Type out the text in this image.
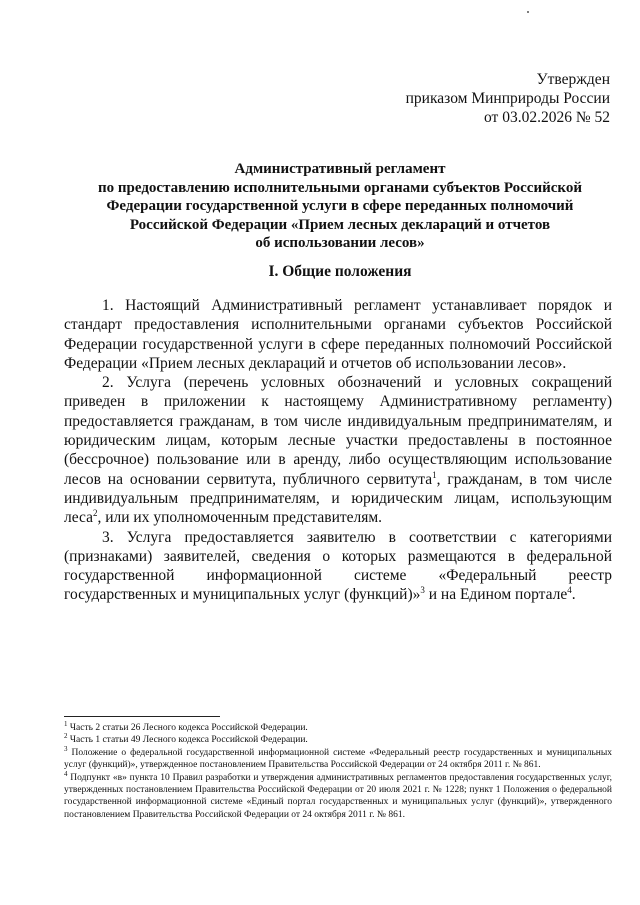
Утвержден
приказом Минприроды России
от 03.02.2026 № 52
Административный регламент
по предоставлению исполнительными органами субъектов Российской
Федерации государственной услуги в сфере переданных полномочий
Российской Федерации «Прием лесных деклараций и отчетов
об использовании лесов»
I. Общие положения

1. Настоящий Административный регламент устанавливает порядок и стандарт предоставления исполнительными органами субъектов Российской Федерации государственной услуги в сфере переданных полномочий Российской Федерации «Прием лесных деклараций и отчетов об использовании лесов».

2. Услуга (перечень условных обозначений и условных сокращений приведен в приложении к настоящему Административному регламенту) предоставляется гражданам, в том числе индивидуальным предпринимателям, и юридическим лицам, которым лесные участки предоставлены в постоянное (бессрочное) пользование или в аренду, либо осуществляющим использование лесов на основании сервитута, публичного сервитута$^1$, гражданам, в том числе индивидуальным предпринимателям, и юридическим лицам, использующим леса$^2$, или их уполномоченным представителям.

3. Услуга предоставляется заявителю в соответствии с категориями (признаками) заявителей, сведения о которых размещаются в федеральной государственной информационной системе «Федеральный реестр государственных и муниципальных услуг (функций)»$^3$ и на Едином портале$^4$.

$^1$ Часть 2 статьи 26 Лесного кодекса Российской Федерации.

$^2$ Часть 1 статьи 49 Лесного кодекса Российской Федерации.

$^3$ Положение о федеральной государственной информационной системе «Федеральный реестр государственных и муниципальных услуг (функций)», утвержденное постановлением Правительства Российской Федерации от 24 октября 2011 г. № 861.

$^4$ Подпункт «в» пункта 10 Правил разработки и утверждения административных регламентов предоставления государственных услуг, утвержденных постановлением Правительства Российской Федерации от 20 июля 2021 г. № 1228; пункт 1 Положения о федеральной государственной информационной системе «Единый портал государственных и муниципальных услуг (функций)», утвержденного постановлением Правительства Российской Федерации от 24 октября 2011 г. № 861.
